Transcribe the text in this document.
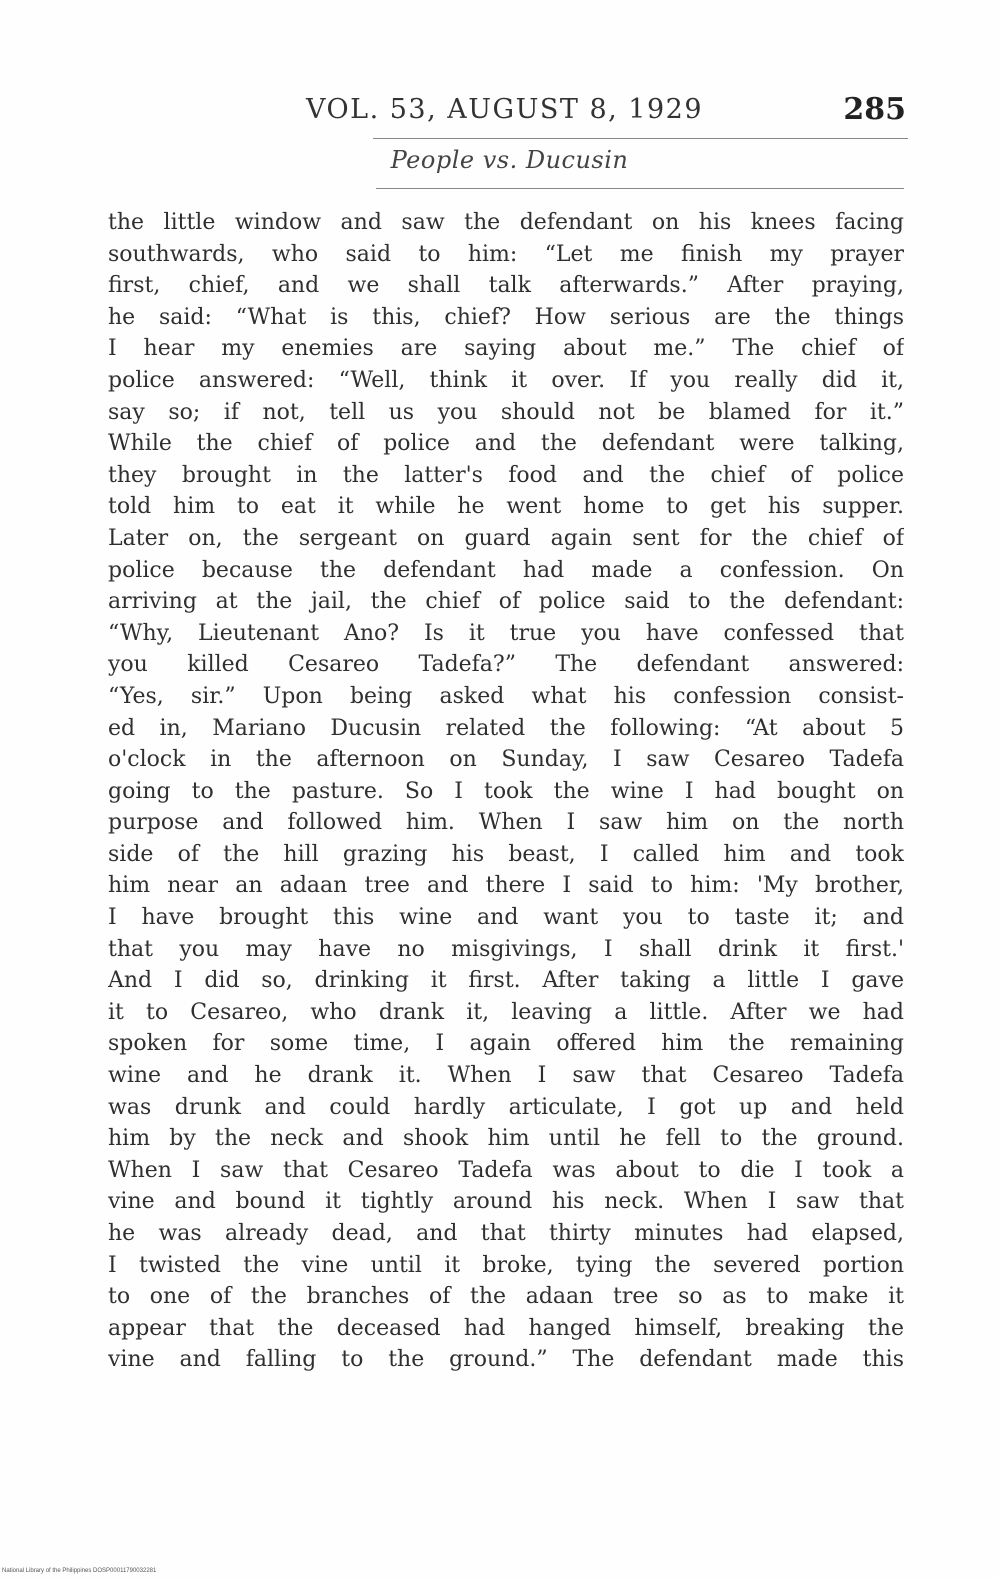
VOL. 53, AUGUST 8, 1929	285
People vs. Ducusin
the little window and saw the defendant on his knees facing
southwards, who said to him: “Let me finish my prayer
first, chief, and we shall talk afterwards.” After praying,
he said: “What is this, chief? How serious are the things
I hear my enemies are saying about me.” The chief of
police answered: “Well, think it over. If you really did it,
say so; if not, tell us you should not be blamed for it.”
While the chief of police and the defendant were talking,
they brought in the latter's food and the chief of police
told him to eat it while he went home to get his supper.
Later on, the sergeant on guard again sent for the chief of
police because the defendant had made a confession. On
arriving at the jail, the chief of police said to the defendant:
“Why, Lieutenant Ano? Is it true you have confessed that
you killed Cesareo Tadefa?” The defendant answered:
“Yes, sir.” Upon being asked what his confession consist-
ed in, Mariano Ducusin related the following: “At about 5
o'clock in the afternoon on Sunday, I saw Cesareo Tadefa
going to the pasture. So I took the wine I had bought on
purpose and followed him. When I saw him on the north
side of the hill grazing his beast, I called him and took
him near an adaan tree and there I said to him: 'My brother,
I have brought this wine and want you to taste it; and
that you may have no misgivings, I shall drink it first.'
And I did so, drinking it first. After taking a little I gave
it to Cesareo, who drank it, leaving a little. After we had
spoken for some time, I again offered him the remaining
wine and he drank it. When I saw that Cesareo Tadefa
was drunk and could hardly articulate, I got up and held
him by the neck and shook him until he fell to the ground.
When I saw that Cesareo Tadefa was about to die I took a
vine and bound it tightly around his neck. When I saw that
he was already dead, and that thirty minutes had elapsed,
I twisted the vine until it broke, tying the severed portion
to one of the branches of the adaan tree so as to make it
appear that the deceased had hanged himself, breaking the
vine and falling to the ground.” The defendant made this
National Library of the Philippines DOSP00011790032281
